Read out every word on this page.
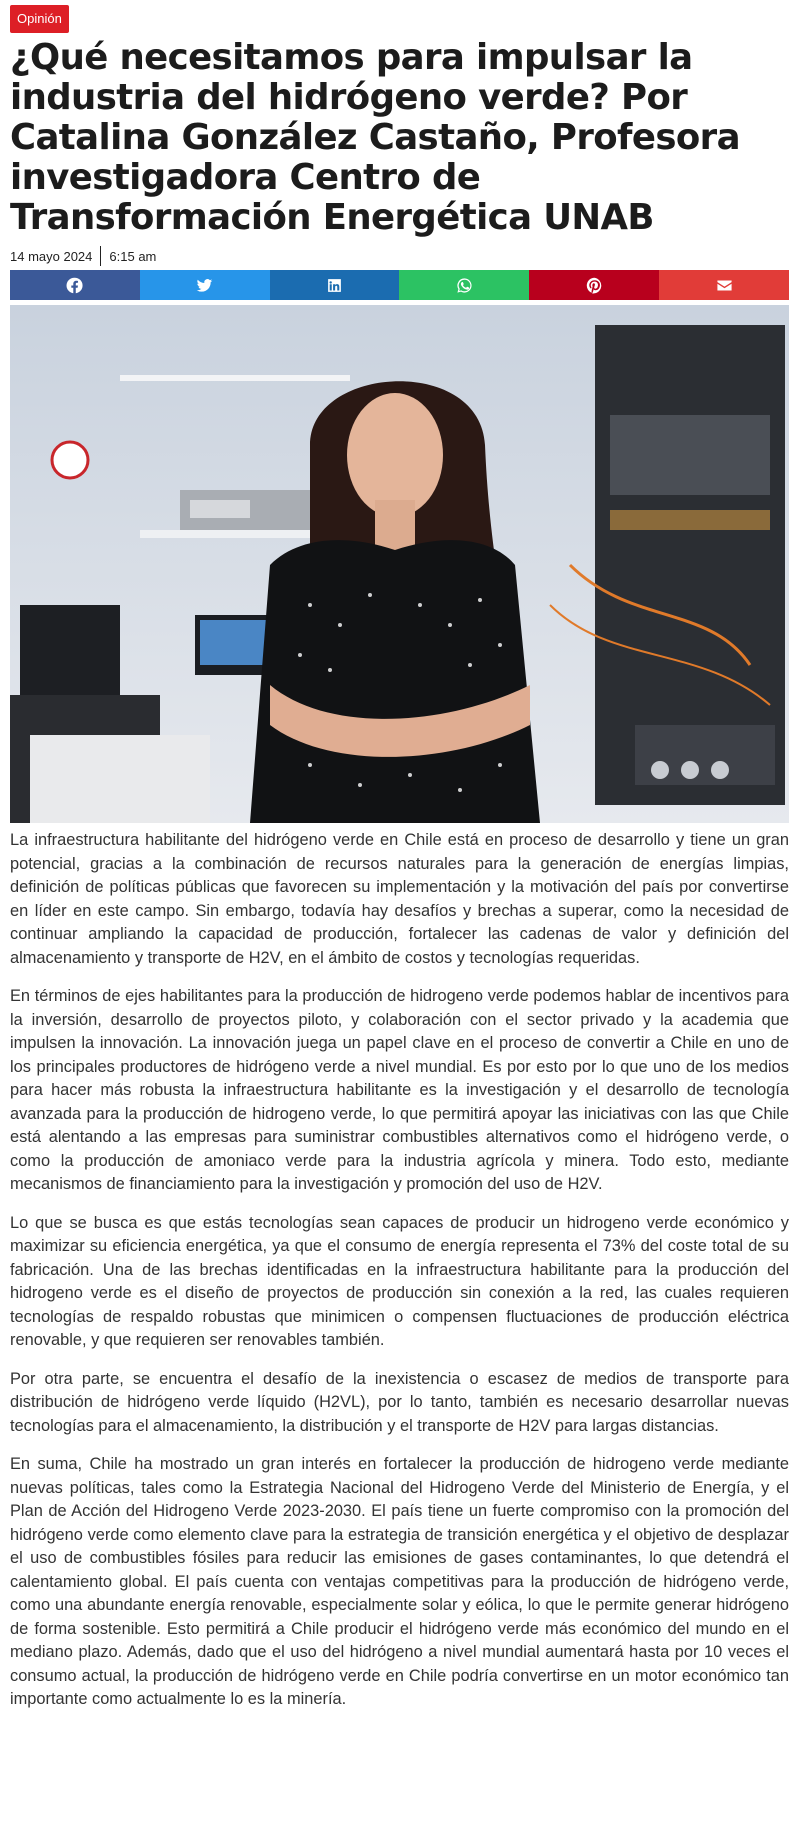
Opinión
¿Qué necesitamos para impulsar la industria del hidrógeno verde? Por Catalina González Castaño, Profesora investigadora Centro de Transformación Energética UNAB
14 mayo 2024 6:15 am

La infraestructura habilitante del hidrógeno verde en Chile está en proceso de desarrollo y tiene un gran potencial, gracias a la combinación de recursos naturales para la generación de energías limpias, definición de políticas públicas que favorecen su implementación y la motivación del país por convertirse en líder en este campo. Sin embargo, todavía hay desafíos y brechas a superar, como la necesidad de continuar ampliando la capacidad de producción, fortalecer las cadenas de valor y definición del almacenamiento y transporte de H2V, en el ámbito de costos y tecnologías requeridas.

En términos de ejes habilitantes para la producción de hidrogeno verde podemos hablar de incentivos para la inversión, desarrollo de proyectos piloto, y colaboración con el sector privado y la academia que impulsen la innovación. La innovación juega un papel clave en el proceso de convertir a Chile en uno de los principales productores de hidrógeno verde a nivel mundial. Es por esto por lo que uno de los medios para hacer más robusta la infraestructura habilitante es la investigación y el desarrollo de tecnología avanzada para la producción de hidrogeno verde, lo que permitirá apoyar las iniciativas con las que Chile está alentando a las empresas para suministrar combustibles alternativos como el hidrógeno verde, o como la producción de amoniaco verde para la industria agrícola y minera. Todo esto, mediante mecanismos de financiamiento para la investigación y promoción del uso de H2V.

Lo que se busca es que estás tecnologías sean capaces de producir un hidrogeno verde económico y maximizar su eficiencia energética, ya que el consumo de energía representa el 73% del coste total de su fabricación. Una de las brechas identificadas en la infraestructura habilitante para la producción del hidrogeno verde es el diseño de proyectos de producción sin conexión a la red, las cuales requieren tecnologías de respaldo robustas que minimicen o compensen fluctuaciones de producción eléctrica renovable, y que requieren ser renovables también.

Por otra parte, se encuentra el desafío de la inexistencia o escasez de medios de transporte para distribución de hidrógeno verde líquido (H2VL), por lo tanto, también es necesario desarrollar nuevas tecnologías para el almacenamiento, la distribución y el transporte de H2V para largas distancias.

En suma, Chile ha mostrado un gran interés en fortalecer la producción de hidrogeno verde mediante nuevas políticas, tales como la Estrategia Nacional del Hidrogeno Verde del Ministerio de Energía, y el Plan de Acción del Hidrogeno Verde 2023-2030. El país tiene un fuerte compromiso con la promoción del hidrógeno verde como elemento clave para la estrategia de transición energética y el objetivo de desplazar el uso de combustibles fósiles para reducir las emisiones de gases contaminantes, lo que detendrá el calentamiento global. El país cuenta con ventajas competitivas para la producción de hidrógeno verde, como una abundante energía renovable, especialmente solar y eólica, lo que le permite generar hidrógeno de forma sostenible. Esto permitirá a Chile producir el hidrógeno verde más económico del mundo en el mediano plazo. Además, dado que el uso del hidrógeno a nivel mundial aumentará hasta por 10 veces el consumo actual, la producción de hidrógeno verde en Chile podría convertirse en un motor económico tan importante como actualmente lo es la minería.
